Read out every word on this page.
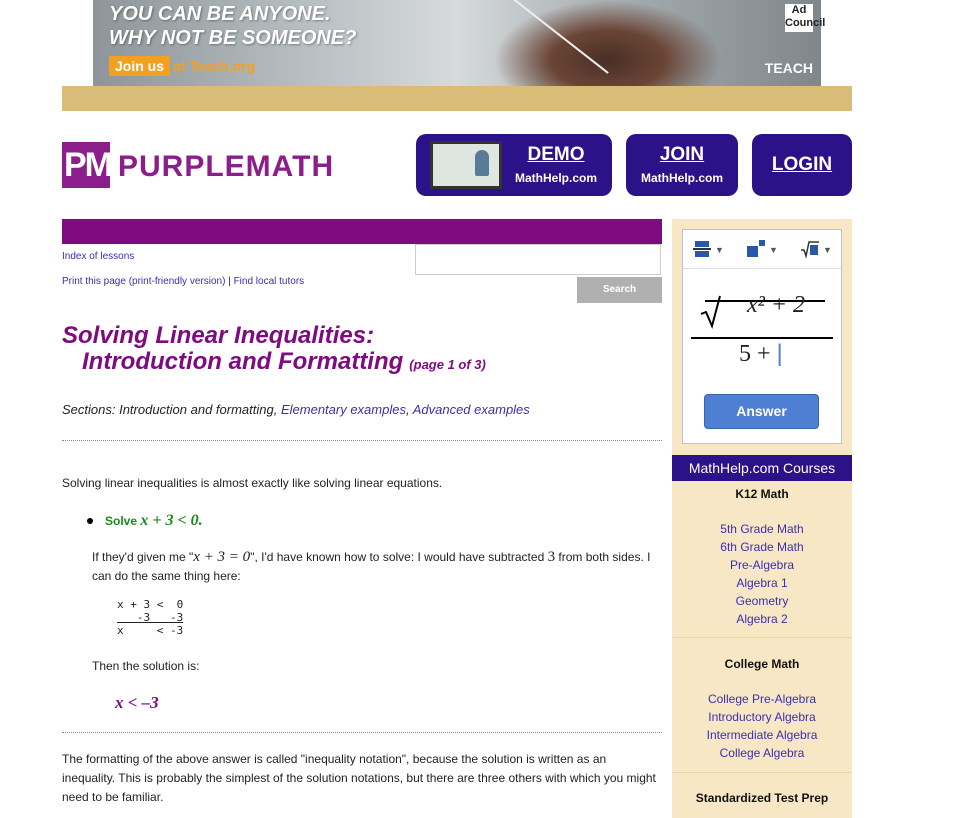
YOU CAN BE ANYONE.
WHY NOT BE SOMEONE?
Join us at Teach.org
Ad Council
TEACH
PM PURPLEMATH	DEMO
MathHelp.com
JOIN
MathHelp.com
LOGIN
Index of lessons
Print this page (print-friendly version) | Find local tutors
Search
Solving Linear Inequalities:
Introduction and Formatting (page 1 of 3)
Sections: Introduction and formatting, Elementary examples, Advanced examples
Solving linear inequalities is almost exactly like solving linear equations.
Solve x + 3 < 0.
If they'd given me "x + 3 = 0", I'd have known how to solve: I would have subtracted 3 from both sides. I can do the same thing here:
x + 3 <  0
-3   -3
x     < -3
Then the solution is:
x < –3
The formatting of the above answer is called "inequality notation", because the solution is written as an inequality. This is probably the simplest of the solution notations, but there are three others with which you might need to be familiar.
▼	▼	▼
x² + 2
5 + |
Answer
MathHelp.com Courses
K12 Math
5th Grade Math
6th Grade Math
Pre-Algebra
Algebra 1
Geometry
Algebra 2
College Math
College Pre-Algebra
Introductory Algebra
Intermediate Algebra
College Algebra
Standardized Test Prep
